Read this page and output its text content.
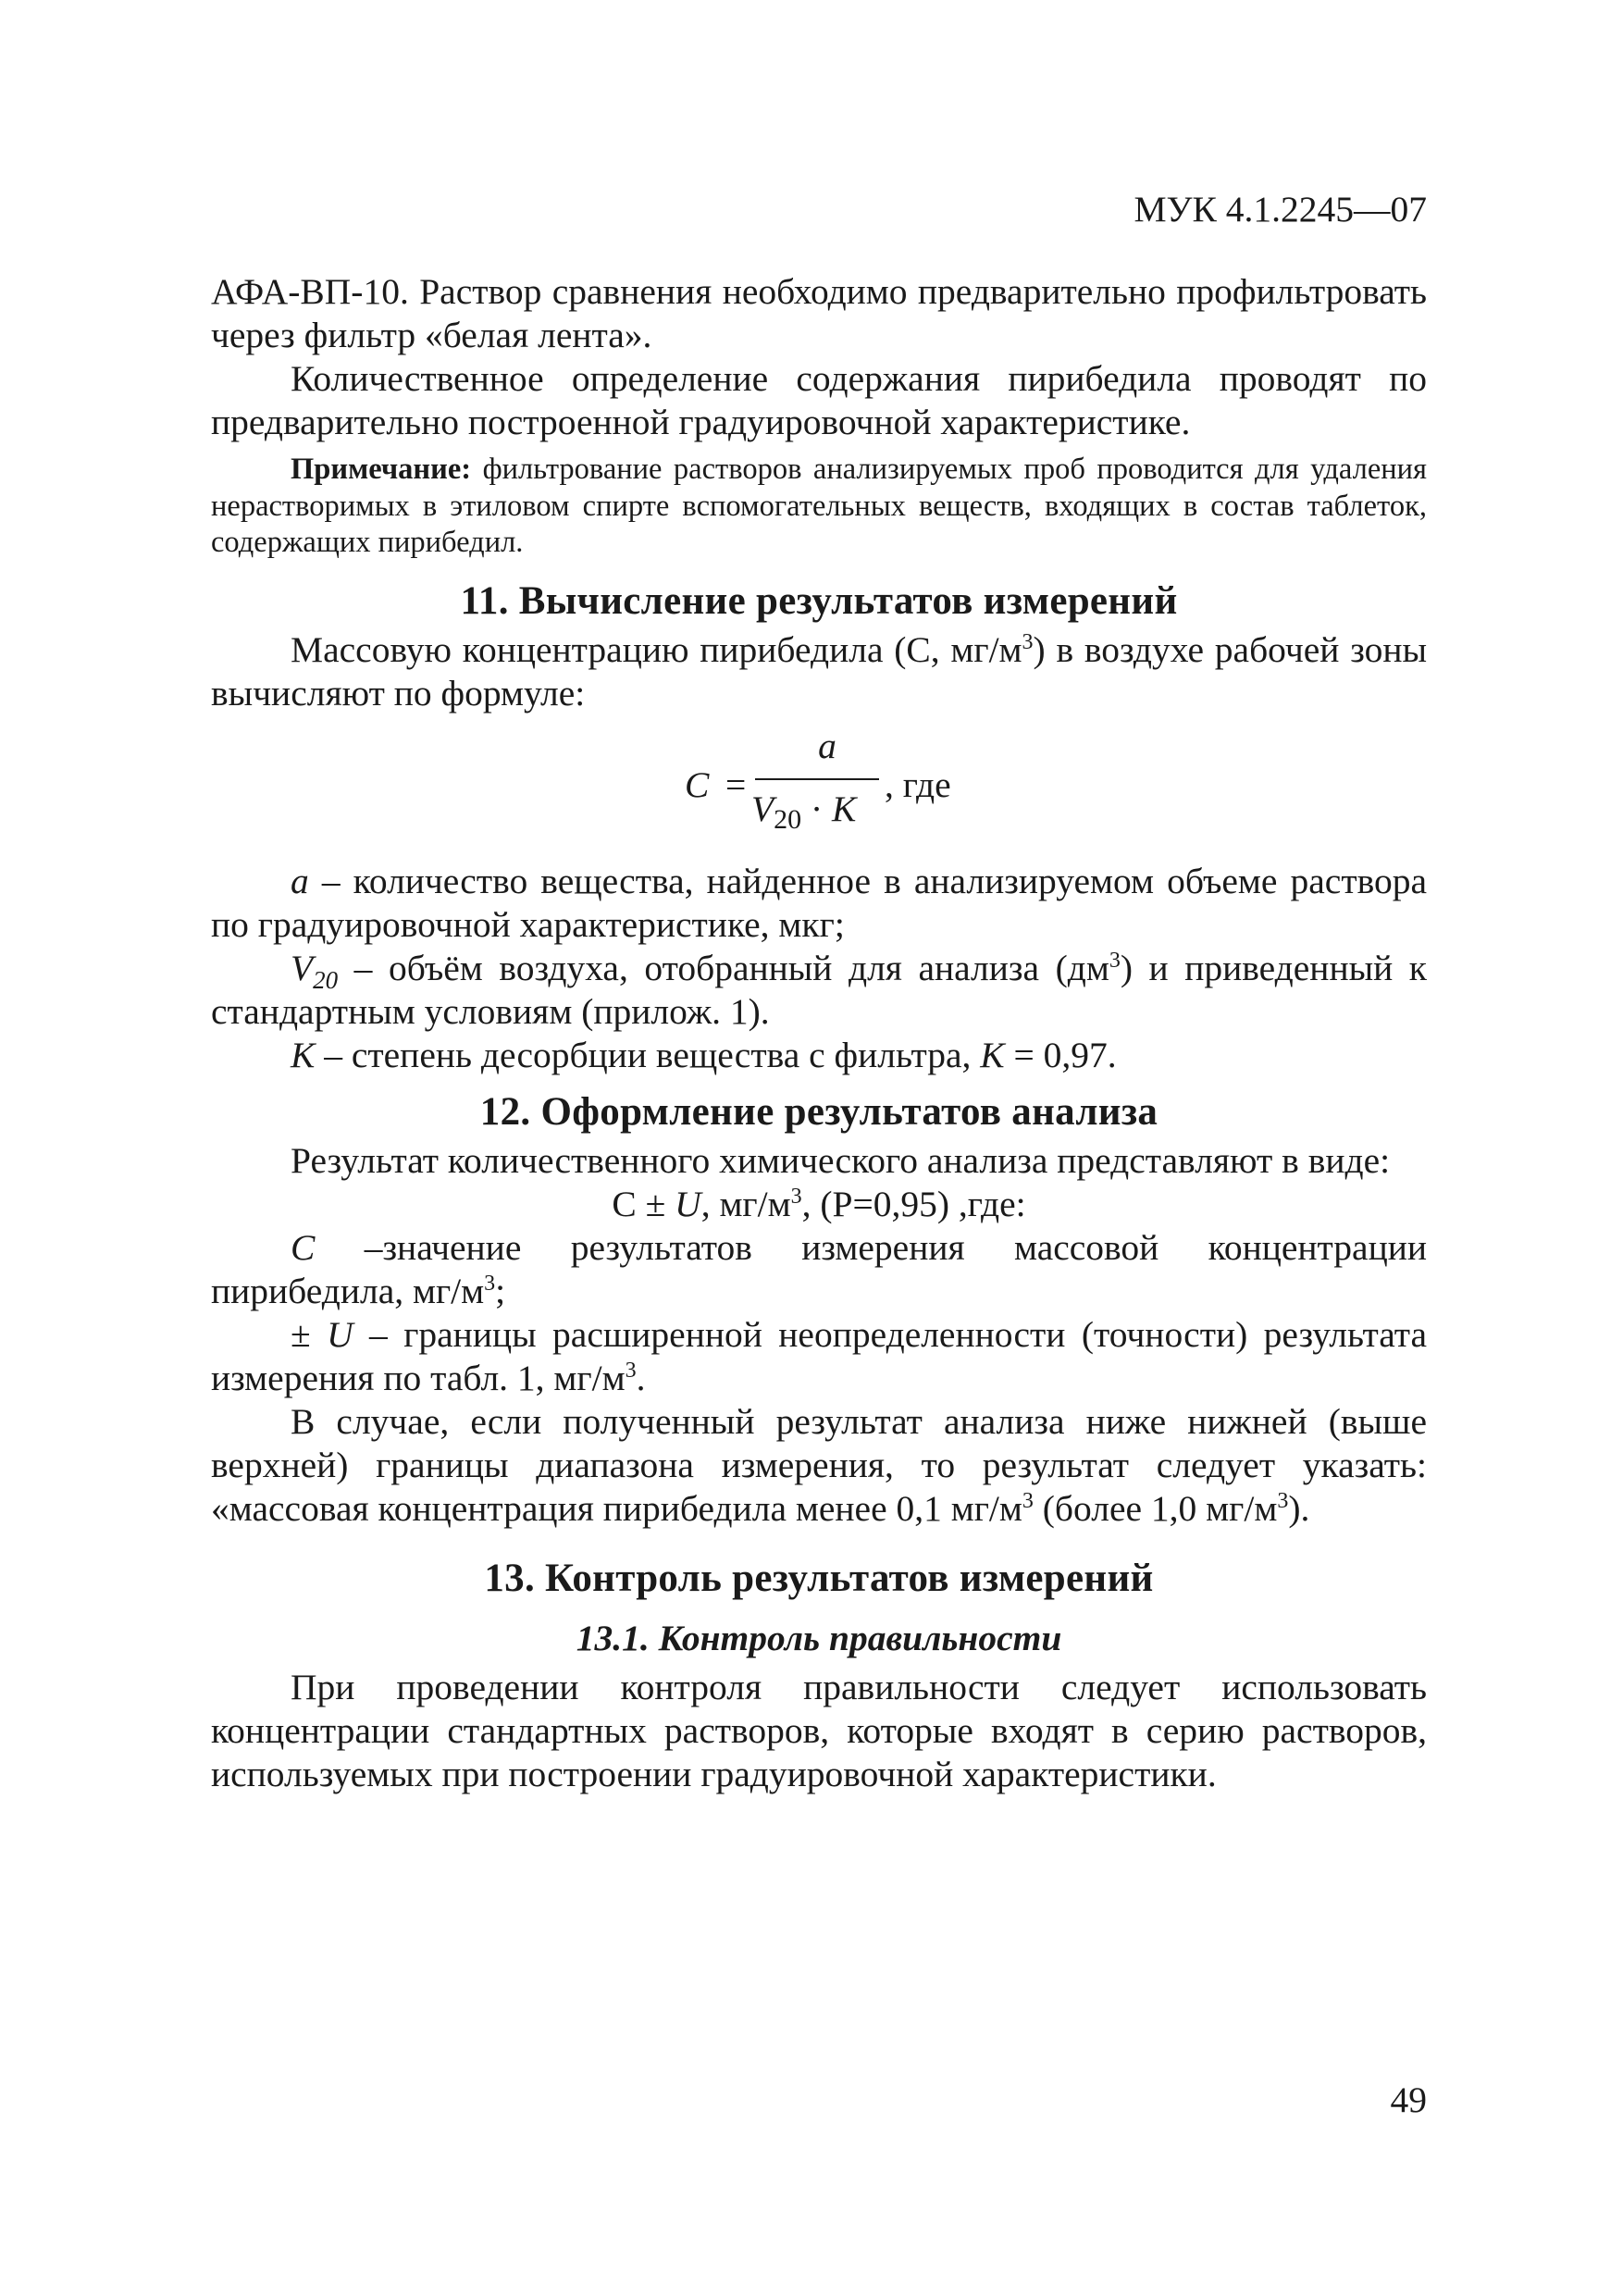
МУК 4.1.2245—07

АФА-ВП-10. Раствор сравнения необходимо предварительно профильтровать через фильтр «белая лента».

Количественное определение содержания пирибедила проводят по предварительно построенной градуировочной характеристике.

Примечание: фильтрование растворов анализируемых проб проводится для удаления нерастворимых в этиловом спирте вспомогательных веществ, входящих в состав таблеток, содержащих пирибедил.

11. Вычисление результатов измерений

Массовую концентрацию пирибедила (С, $мг/м^3$) в воздухе рабочей зоны вычисляют по формуле:

C =
a
$V_{20} \cdot K$
, где

a – количество вещества, найденное в анализируемом объеме раствора по градуировочной характеристике, мкг;

$V_{20}$ – объём воздуха, отобранный для анализа $(дм^3)$ и приведенный к стандартным условиям (прилож. 1).

K – степень десорбции вещества с фильтра, K = 0,97.

12. Оформление результатов анализа

Результат количественного химического анализа представляют в виде:

С ± U, $мг/м^3$, (Р=0,95) ,где:

С –значение результатов измерения массовой концентрации пирибедила, $мг/м^3$;

± U – границы расширенной неопределенности (точности) результата измерения по табл. 1, $мг/м^3$.

В случае, если полученный результат анализа ниже нижней (выше верхней) границы диапазона измерения, то результат следует указать: «массовая концентрация пирибедила менее 0,1 $мг/м^3$ (более 1,0 $мг/м^3$).

13. Контроль результатов измерений
13.1. Контроль правильности

При проведении контроля правильности следует использовать концентрации стандартных растворов, которые входят в серию растворов, используемых при построении градуировочной характеристики.

49
